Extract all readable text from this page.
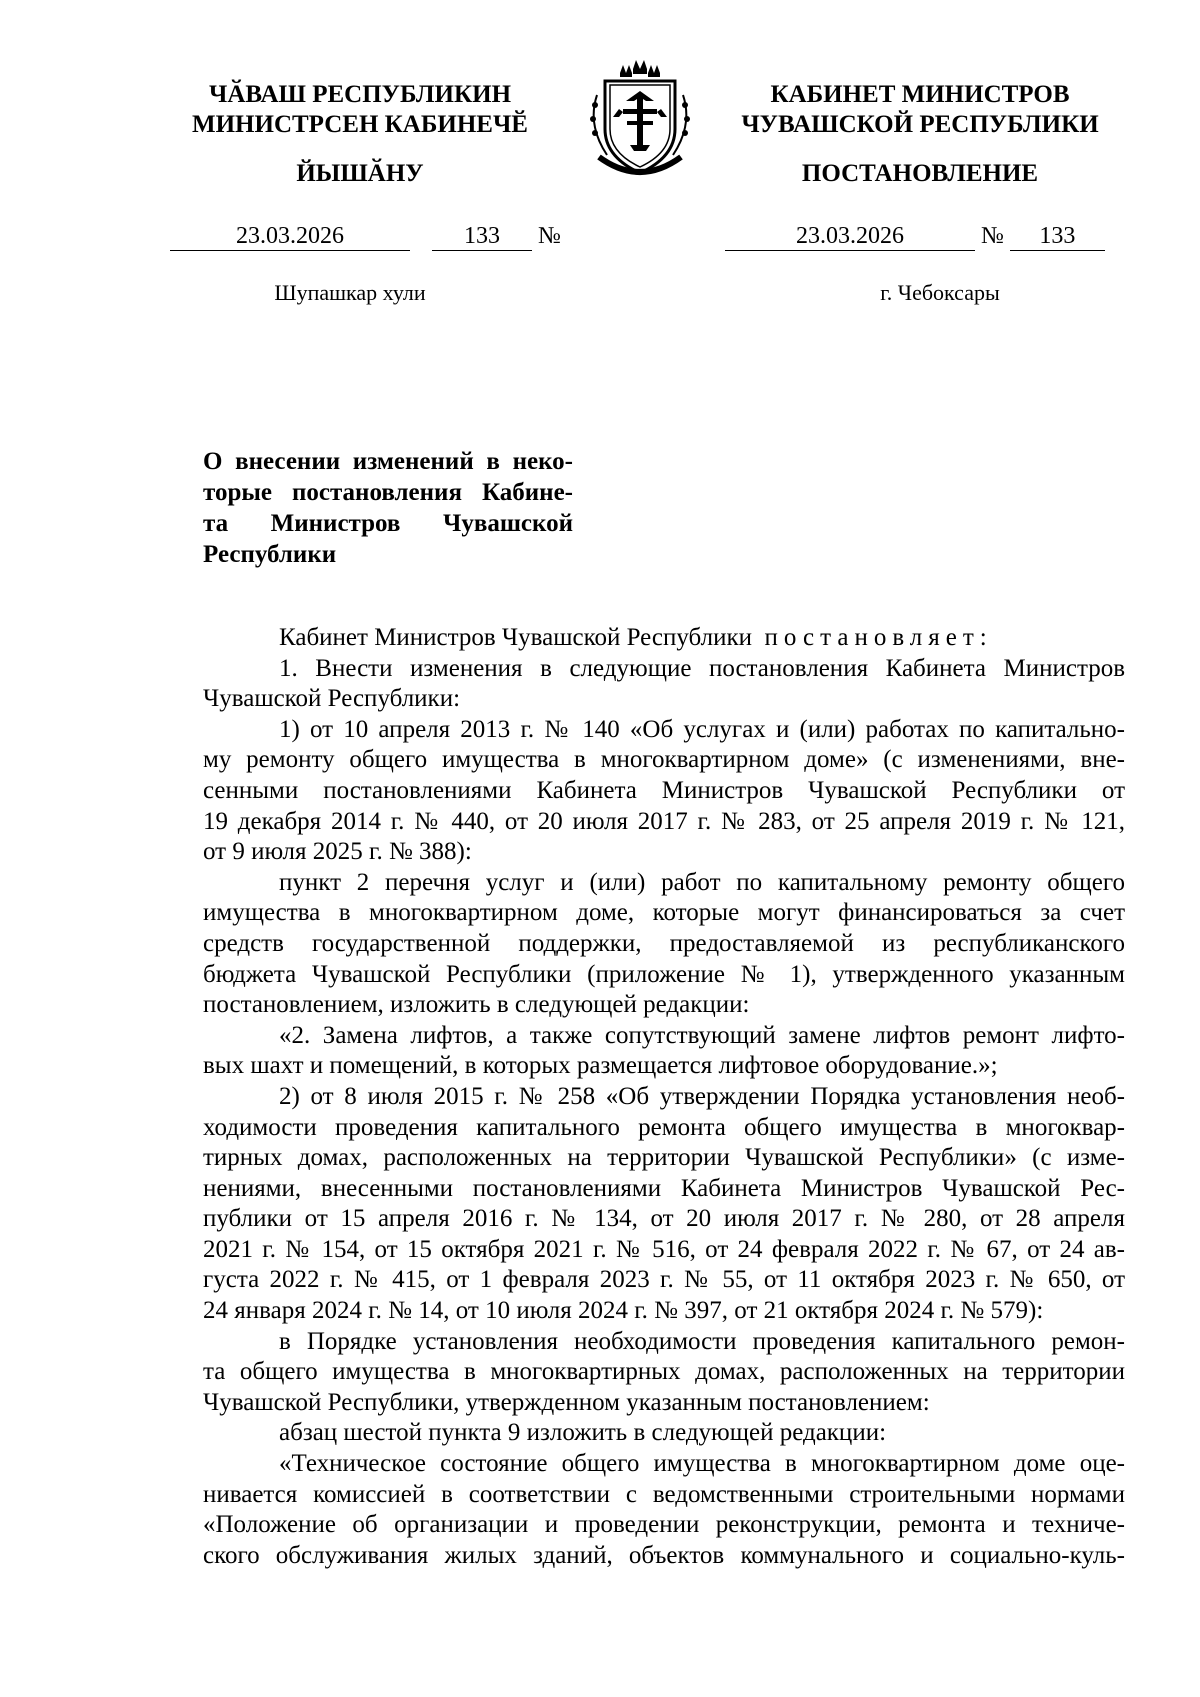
ЧӐВАШ РЕСПУБЛИКИН
МИНИСТРСЕН КАБИНЕЧӖ
ЙЫШӐНУ
КАБИНЕТ МИНИСТРОВ
ЧУВАШСКОЙ РЕСПУБЛИКИ
ПОСТАНОВЛЕНИЕ
23.03.2026	133 №	23.03.2026	№ 133
Шупашкар хули	г. Чебоксары
О внесении изменений в неко-
торые постановления Кабине-
та Министров Чувашской
Республики
Кабинет Министров Чувашской Республики постановляет:
1. Внести изменения в следующие постановления Кабинета Министров
Чувашской Республики:
1) от 10 апреля 2013 г. № 140 «Об услугах и (или) работах по капитально-
му ремонту общего имущества в многоквартирном доме» (с изменениями, вне-
сенными постановлениями Кабинета Министров Чувашской Республики от
19 декабря 2014 г. № 440, от 20 июля 2017 г. № 283, от 25 апреля 2019 г. № 121,
от 9 июля 2025 г. № 388):
пункт 2 перечня услуг и (или) работ по капитальному ремонту общего
имущества в многоквартирном доме, которые могут финансироваться за счет
средств государственной поддержки, предоставляемой из республиканского
бюджета Чувашской Республики (приложение № 1), утвержденного указанным
постановлением, изложить в следующей редакции:
«2. Замена лифтов, а также сопутствующий замене лифтов ремонт лифто-
вых шахт и помещений, в которых размещается лифтовое оборудование.»;
2) от 8 июля 2015 г. № 258 «Об утверждении Порядка установления необ-
ходимости проведения капитального ремонта общего имущества в многоквар-
тирных домах, расположенных на территории Чувашской Республики» (с изме-
нениями, внесенными постановлениями Кабинета Министров Чувашской Рес-
публики от 15 апреля 2016 г. № 134, от 20 июля 2017 г. № 280, от 28 апреля
2021 г. № 154, от 15 октября 2021 г. № 516, от 24 февраля 2022 г. № 67, от 24 ав-
густа 2022 г. № 415, от 1 февраля 2023 г. № 55, от 11 октября 2023 г. № 650, от
24 января 2024 г. № 14, от 10 июля 2024 г. № 397, от 21 октября 2024 г. № 579):
в Порядке установления необходимости проведения капитального ремон-
та общего имущества в многоквартирных домах, расположенных на территории
Чувашской Республики, утвержденном указанным постановлением:
абзац шестой пункта 9 изложить в следующей редакции:
«Техническое состояние общего имущества в многоквартирном доме оце-
нивается комиссией в соответствии с ведомственными строительными нормами
«Положение об организации и проведении реконструкции, ремонта и техниче-
ского обслуживания жилых зданий, объектов коммунального и социально-куль-
